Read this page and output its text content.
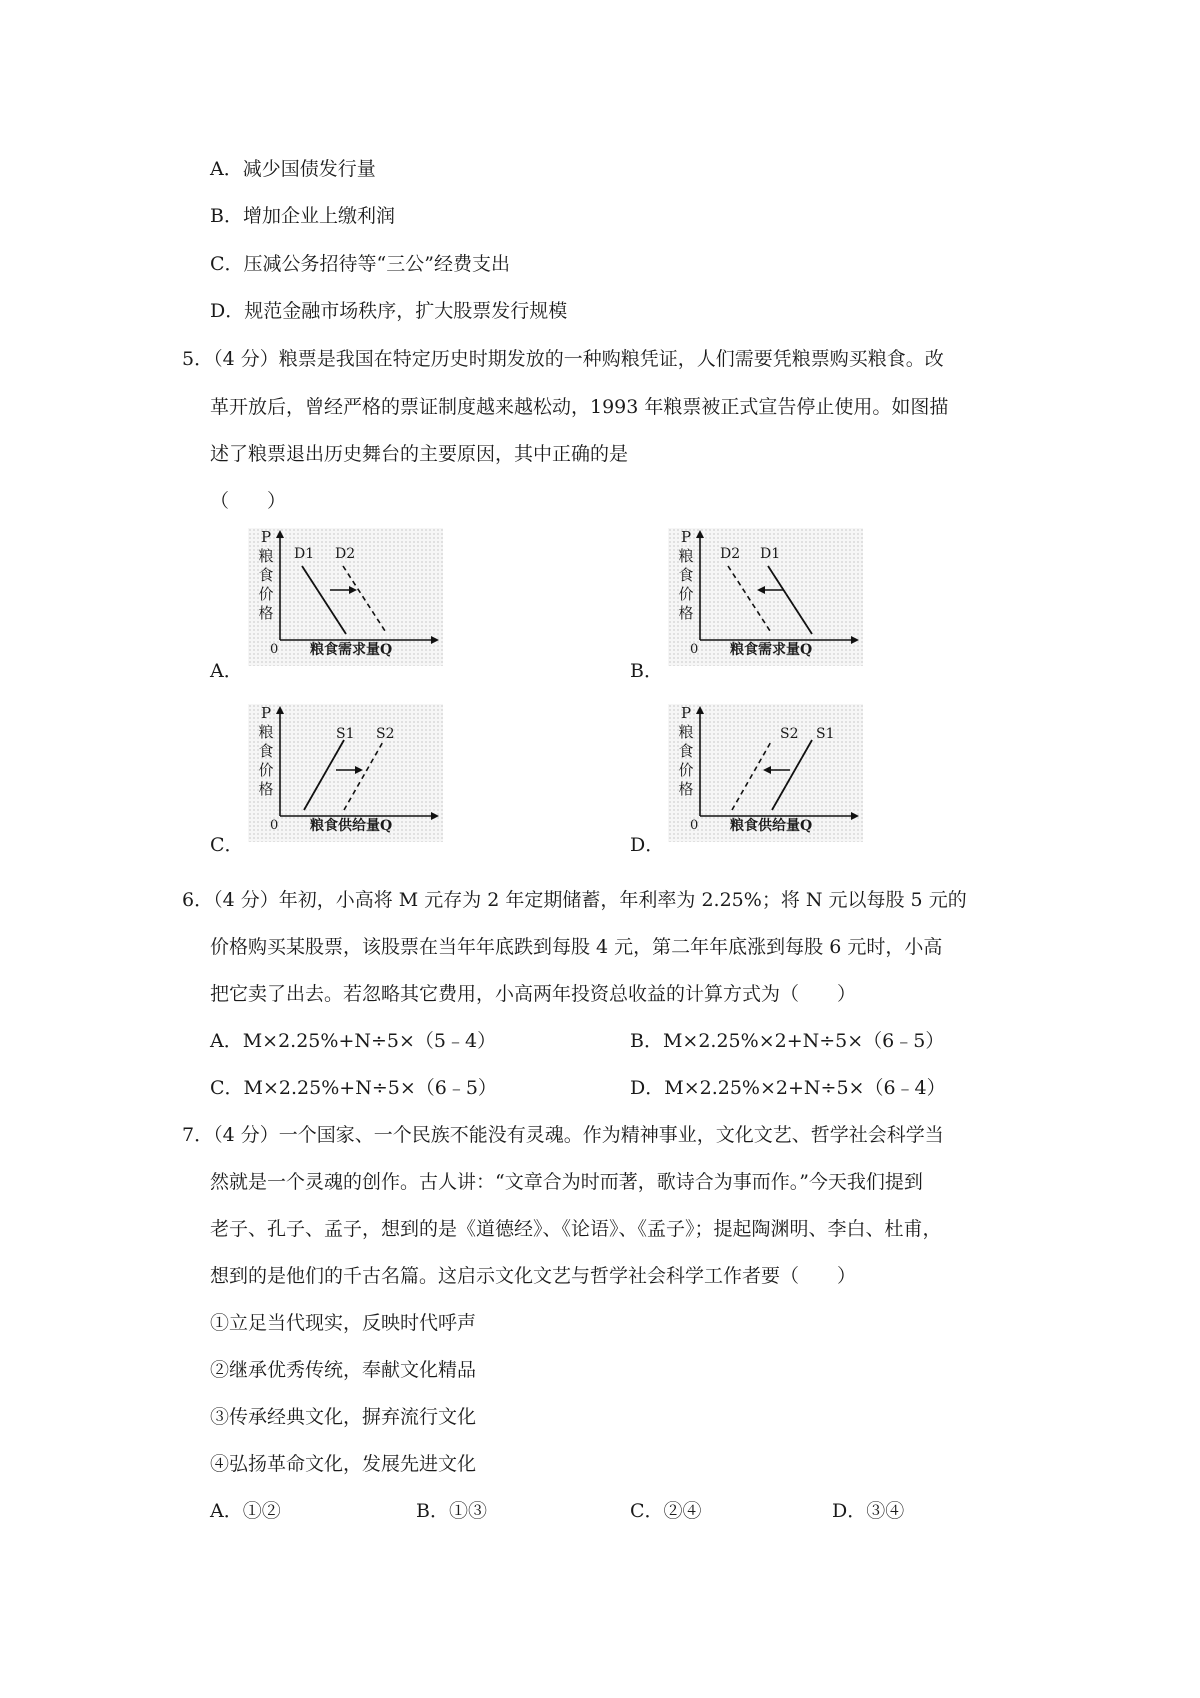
A．减少国债发行量
B．增加企业上缴利润
C．压减公务招待等“三公”经费支出
D．规范金融市场秩序，扩大股票发行规模
5．（4 分）粮票是我国在特定历史时期发放的一种购粮凭证，人们需要凭粮票购买粮食。改
革开放后，曾经严格的票证制度越来越松动，1993 年粮票被正式宣告停止使用。如图描
述了粮票退出历史舞台的主要原因，其中正确的是
（　　）
A．
P粮食价格
0 粮食需求量Q
D1 D2
B．
P粮食价格
0 粮食需求量Q
D1
D2
C．
P粮食价格
0 粮食供给量Q
S1 S2
D．
P粮食价格
0 粮食供给量Q
S1
S2
6．（4 分）年初，小高将 M 元存为 2 年定期储蓄，年利率为 2.25%；将 N 元以每股 5 元的
价格购买某股票，该股票在当年年底跌到每股 4 元，第二年年底涨到每股 6 元时，小高
把它卖了出去。若忽略其它费用，小高两年投资总收益的计算方式为（　　）
A．M×2.25%+N÷5×（5﹣4）	B．M×2.25%×2+N÷5×（6﹣5）
C．M×2.25%+N÷5×（6﹣5）	D．M×2.25%×2+N÷5×（6﹣4）
7．（4 分）一个国家、一个民族不能没有灵魂。作为精神事业，文化文艺、哲学社会科学当
然就是一个灵魂的创作。古人讲：“文章合为时而著，歌诗合为事而作。”今天我们提到
老子、孔子、孟子，想到的是《道德经》、《论语》、《孟子》；提起陶渊明、李白、杜甫，
想到的是他们的千古名篇。这启示文化文艺与哲学社会科学工作者要（　　）
①立足当代现实，反映时代呼声
②继承优秀传统，奉献文化精品
③传承经典文化，摒弃流行文化
④弘扬革命文化，发展先进文化
A．①②	B．①③	C．②④	D．③④
